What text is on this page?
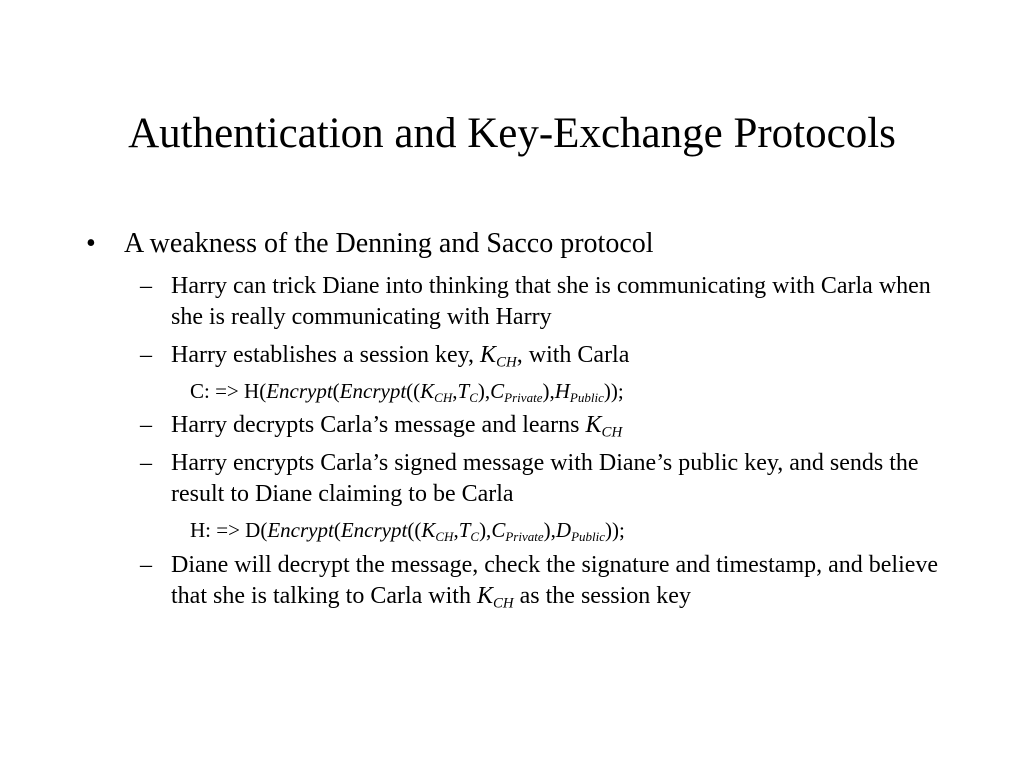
Authentication and Key-Exchange Protocols
• A weakness of the Denning and Sacco protocol
– Harry can trick Diane into thinking that she is communicating with Carla when she is really communicating with Harry
– Harry establishes a session key, $K_{CH}$, with Carla
C: => $H(Encrypt(Encrypt((K_{CH},T_C),C_{Private}),H_{Public}))$;
– Harry decrypts Carla’s message and learns $K_{CH}$
– Harry encrypts Carla’s signed message with Diane’s public key, and sends the result to Diane claiming to be Carla
H: => $D(Encrypt(Encrypt((K_{CH},T_C),C_{Private}),D_{Public}))$;
– Diane will decrypt the message, check the signature and timestamp, and believe that she is talking to Carla with $K_{CH}$ as the session key
